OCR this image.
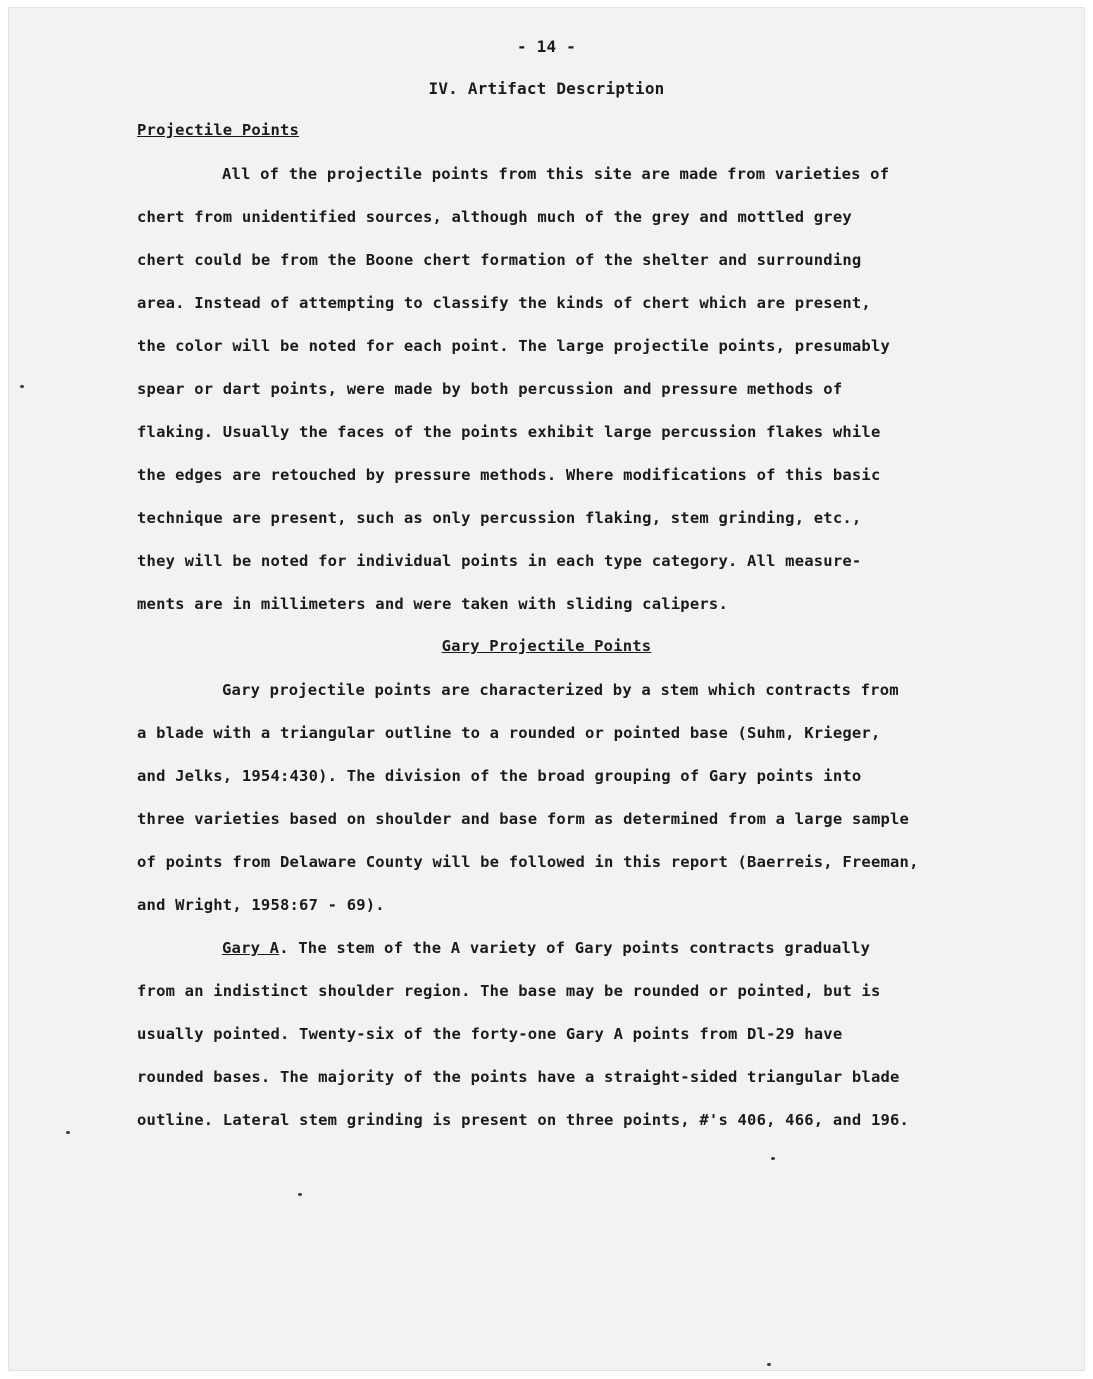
- 14 -
IV. Artifact Description
Projectile Points
All of the projectile points from this site are made from varieties of
chert from unidentified sources, although much of the grey and mottled grey
chert could be from the Boone chert formation of the shelter and surrounding
area. Instead of attempting to classify the kinds of chert which are present,
the color will be noted for each point. The large projectile points, presumably
spear or dart points, were made by both percussion and pressure methods of
flaking. Usually the faces of the points exhibit large percussion flakes while
the edges are retouched by pressure methods. Where modifications of this basic
technique are present, such as only percussion flaking, stem grinding, etc.,
they will be noted for individual points in each type category. All measure-
ments are in millimeters and were taken with sliding calipers.
Gary Projectile Points
Gary projectile points are characterized by a stem which contracts from
a blade with a triangular outline to a rounded or pointed base (Suhm, Krieger,
and Jelks, 1954:430). The division of the broad grouping of Gary points into
three varieties based on shoulder and base form as determined from a large sample
of points from Delaware County will be followed in this report (Baerreis, Freeman,
and Wright, 1958:67 - 69).
Gary A. The stem of the A variety of Gary points contracts gradually
from an indistinct shoulder region. The base may be rounded or pointed, but is
usually pointed. Twenty-six of the forty-one Gary A points from Dl-29 have
rounded bases. The majority of the points have a straight-sided triangular blade
outline. Lateral stem grinding is present on three points, #'s 406, 466, and 196.
